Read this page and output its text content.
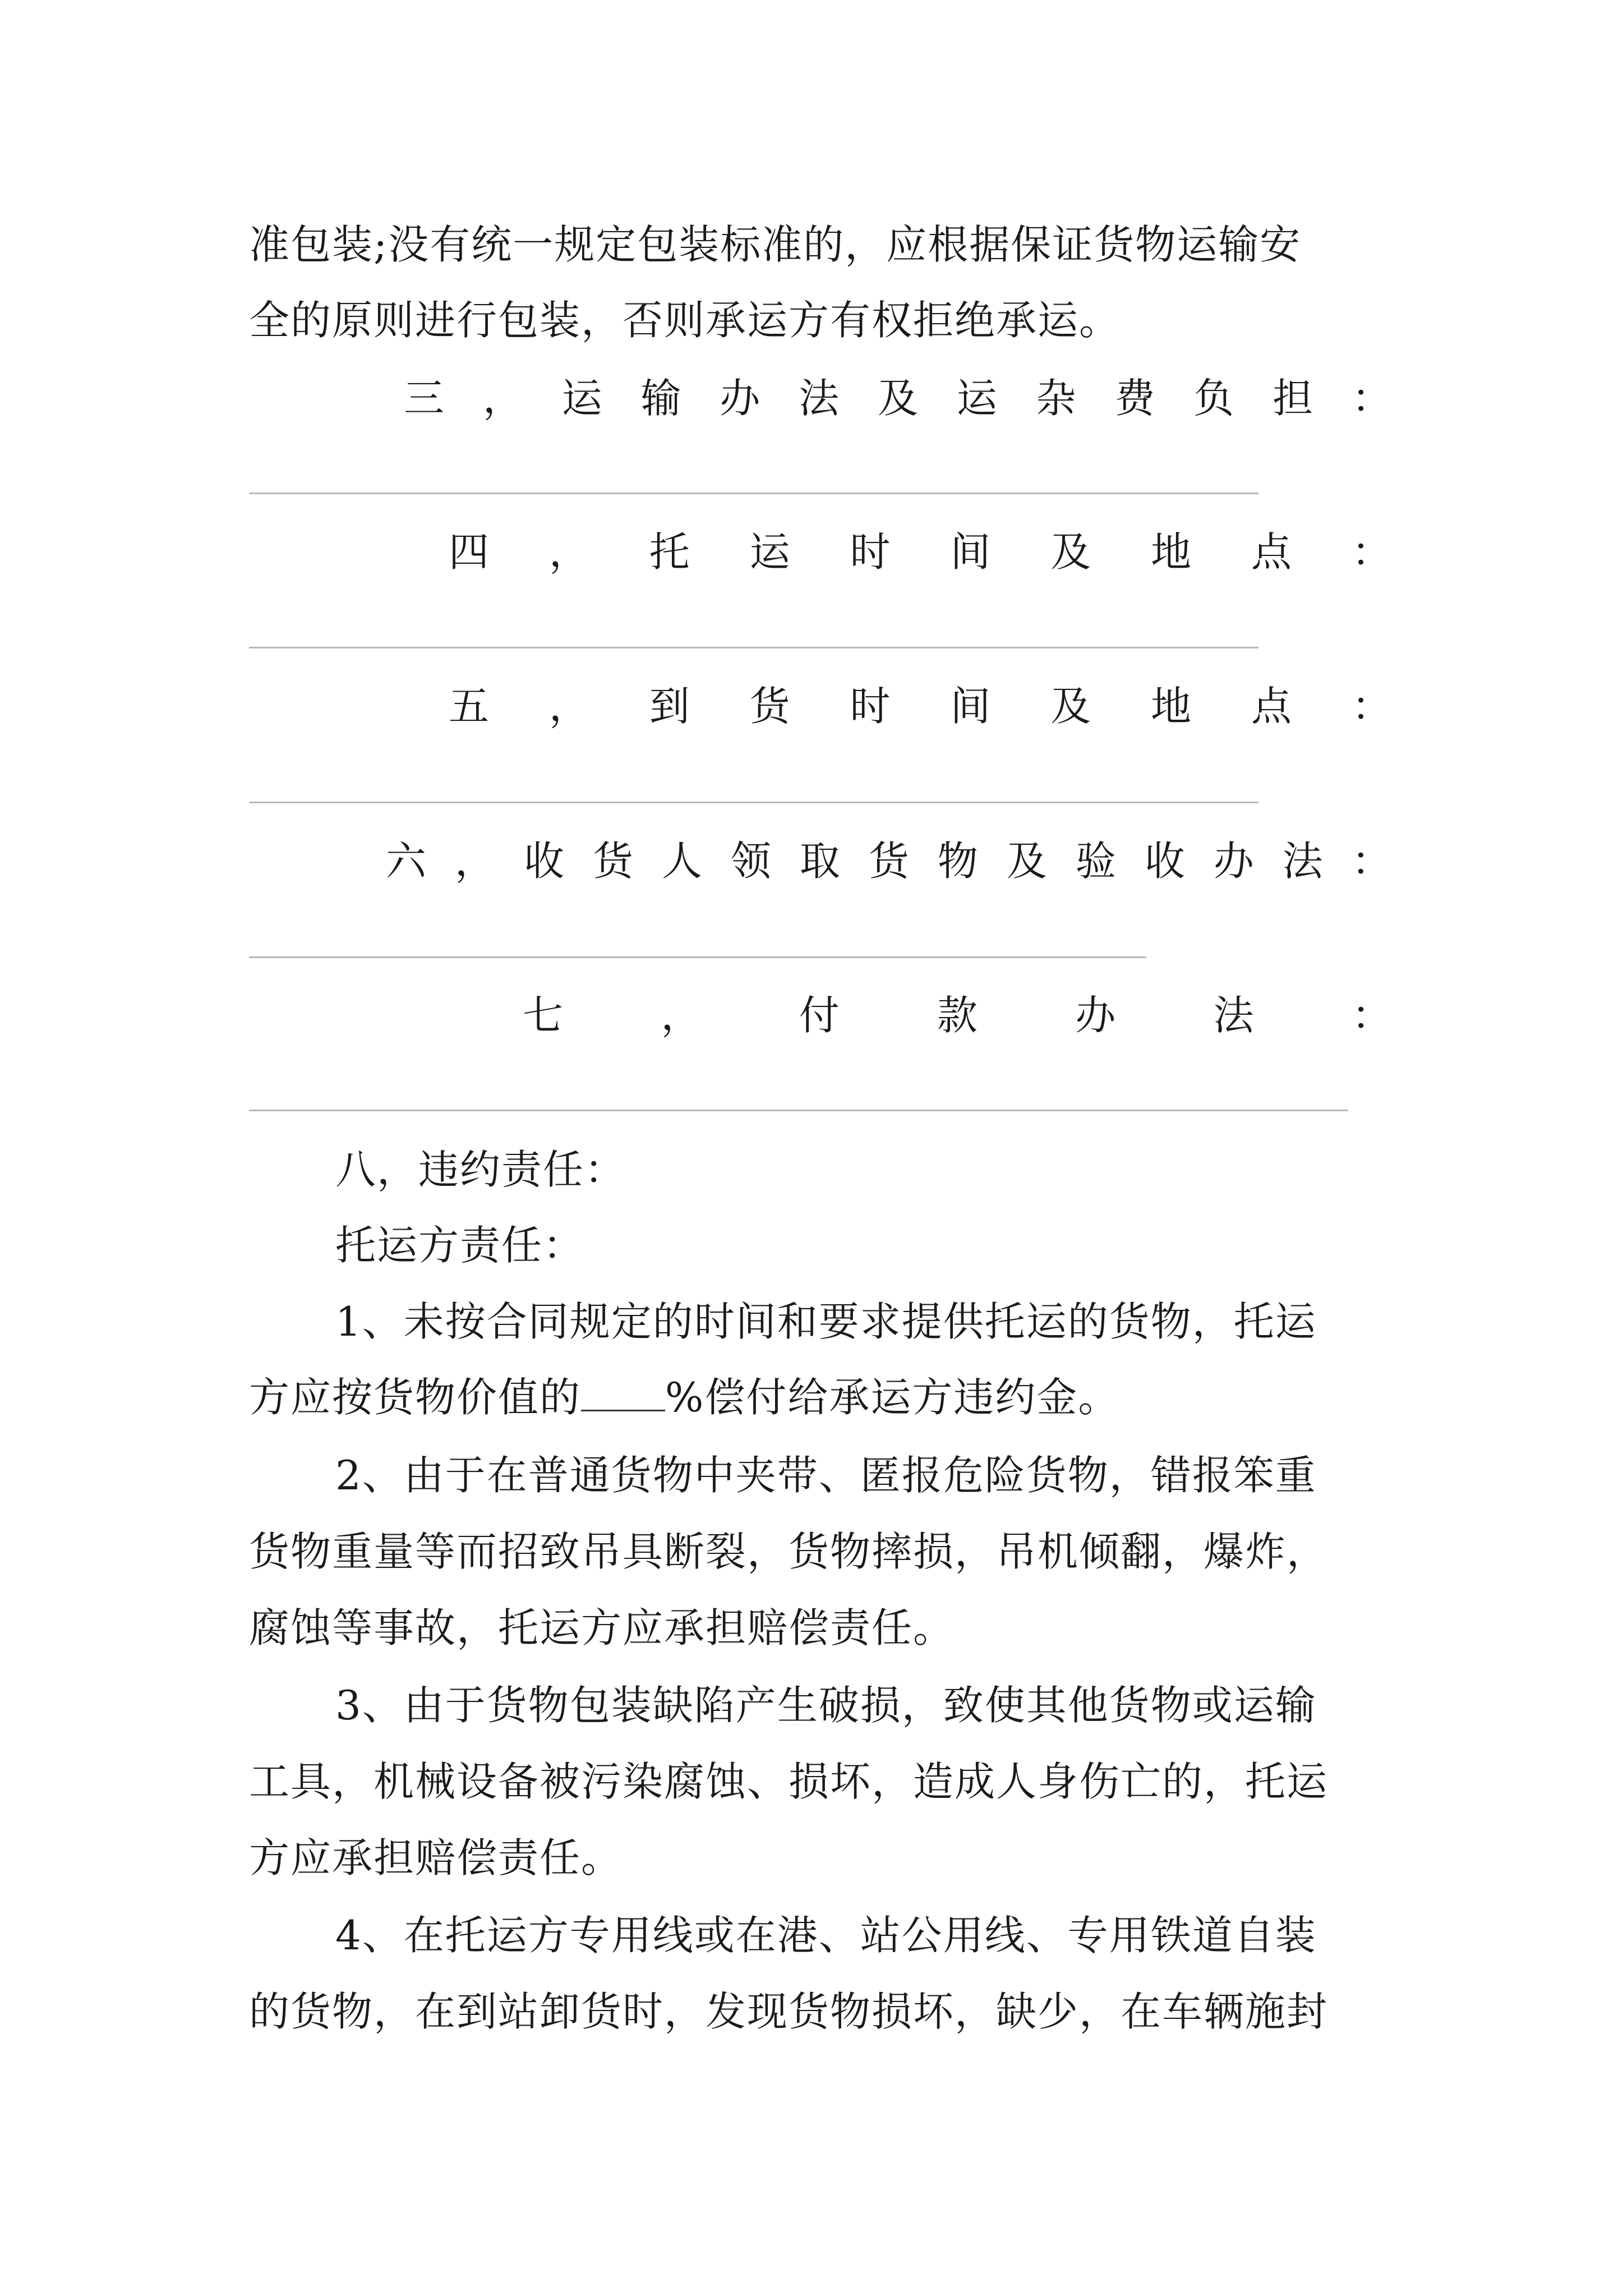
准包装;没有统一规定包装标准的，应根据保证货物运输安
全的原则进行包装，否则承运方有权拒绝承运。
三 ， 运 输 办 法 及 运 杂 费 负 担 ：
四 ， 托 运 时 间 及 地 点 ：
五 ， 到 货 时 间 及 地 点 ：
六 ， 收 货 人 领 取 货 物 及 验 收 办 法 ：
七 ， 付 款 办 法 ：
八，违约责任：
托运方责任：
1、未按合同规定的时间和要求提供托运的货物，托运
方应按货物价值的 %偿付给承运方违约金。
2、由于在普通货物中夹带、匿报危险货物，错报笨重
货物重量等而招致吊具断裂，货物摔损，吊机倾翻，爆炸，
腐蚀等事故，托运方应承担赔偿责任。
3、由于货物包装缺陷产生破损，致使其他货物或运输
工具，机械设备被污染腐蚀、损坏，造成人身伤亡的，托运
方应承担赔偿责任。
4、在托运方专用线或在港、站公用线、专用铁道自装
的货物，在到站卸货时，发现货物损坏，缺少，在车辆施封
